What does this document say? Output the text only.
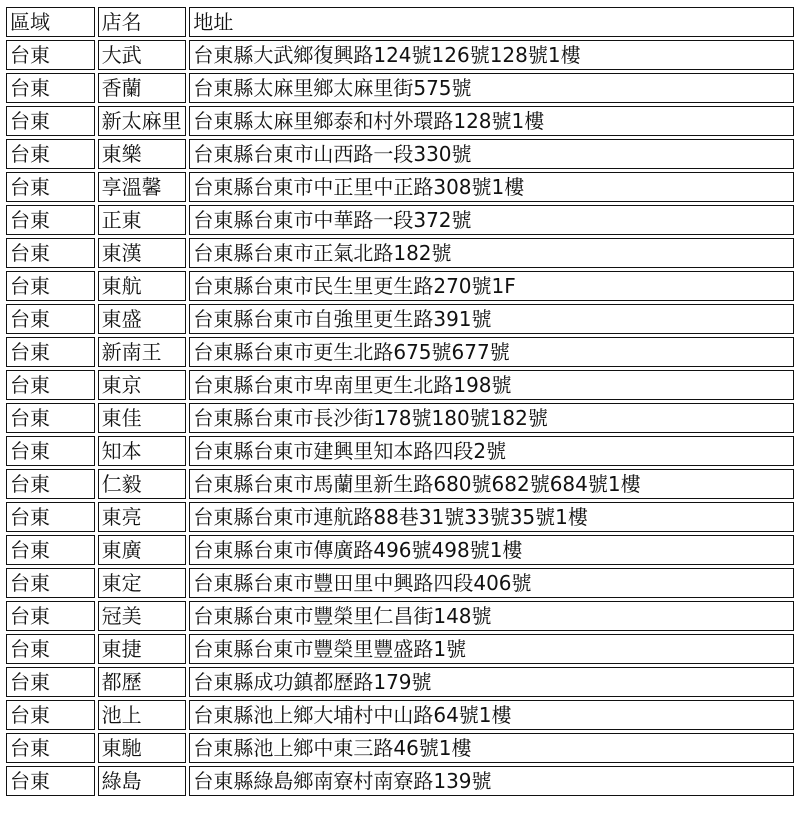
區域	店名	地址
台東	大武	台東縣大武鄉復興路124號126號128號1樓
台東	香蘭	台東縣太麻里鄉太麻里街575號
台東	新太麻里	台東縣太麻里鄉泰和村外環路128號1樓
台東	東樂	台東縣台東市山西路一段330號
台東	享溫馨	台東縣台東市中正里中正路308號1樓
台東	正東	台東縣台東市中華路一段372號
台東	東漢	台東縣台東市正氣北路182號
台東	東航	台東縣台東市民生里更生路270號1F
台東	東盛	台東縣台東市自強里更生路391號
台東	新南王	台東縣台東市更生北路675號677號
台東	東京	台東縣台東市卑南里更生北路198號
台東	東佳	台東縣台東市長沙街178號180號182號
台東	知本	台東縣台東市建興里知本路四段2號
台東	仁毅	台東縣台東市馬蘭里新生路680號682號684號1樓
台東	東亮	台東縣台東市連航路88巷31號33號35號1樓
台東	東廣	台東縣台東市傳廣路496號498號1樓
台東	東定	台東縣台東市豐田里中興路四段406號
台東	冠美	台東縣台東市豐榮里仁昌街148號
台東	東捷	台東縣台東市豐榮里豐盛路1號
台東	都歷	台東縣成功鎮都歷路179號
台東	池上	台東縣池上鄉大埔村中山路64號1樓
台東	東馳	台東縣池上鄉中東三路46號1樓
台東	綠島	台東縣綠島鄉南寮村南寮路139號
